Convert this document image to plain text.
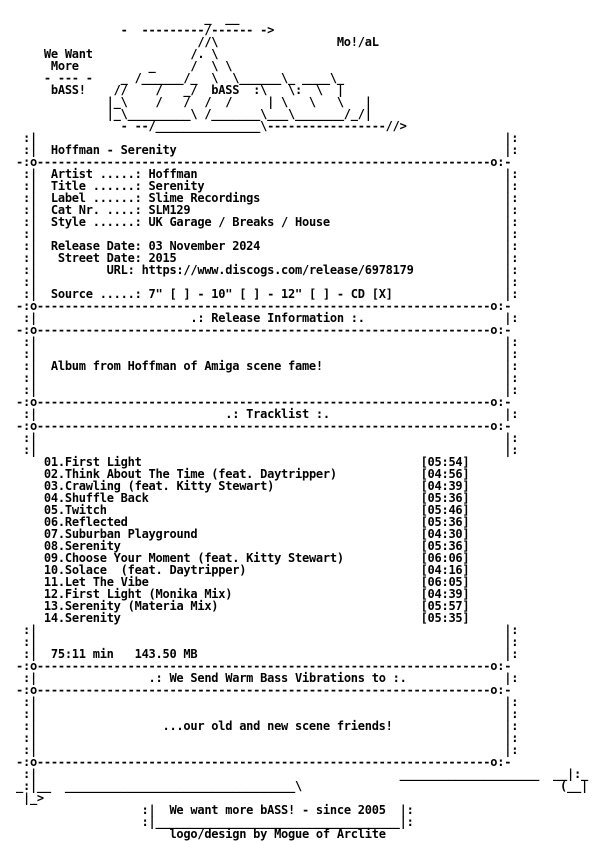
_  __
-  ---------/------ ->
//\                 Mo!/aL
We Want              /. \
More          _     /  \ \
- --- -    _ /______/_  \  \______\_ ____\_
bASS!    //    /   _/  bASS  :\   \:  \  |
|_\    /   /  /  /     | \   \   \   |
|_\_________\ /_______\___\_______/_/|
- --/_______________\-----------------//>
:|                                                                   |:
:|  Hoffman - Serenity                                               |:
-:o-----------------------------------------------------------------o:-
:|  Artist .....: Hoffman                                            |:
:|  Title ......: Serenity                                           |:
:|  Label ......: Slime Recordings                                   |:
:|  Cat Nr. ....: SLM129                                             |:
:|  Style ......: UK Garage / Breaks / House                         |:
:|                                                                   |:
:|  Release Date: 03 November 2024                                   |:
:|   Street Date: 2015                                               |:
:|          URL: https://www.discogs.com/release/6978179             |:
:|                                                                   |:
:|  Source .....: 7" [ ] - 10" [ ] - 12" [ ] - CD [X]                |:
-:o-----------------------------------------------------------------o:-
:|                      .: Release Information :.                    |:
-:o-----------------------------------------------------------------o:-
:|                                                                   |:
:|                                                                   |:
:|  Album from Hoffman of Amiga scene fame!                          |:
:|                                                                   |:
:|                                                                   |:
-:o-----------------------------------------------------------------o:-
:|                           .: Tracklist :.                         |:
-:o-----------------------------------------------------------------o:-
:|                                                                   |:
:|                                                                   |:
01.First Light	[05:54]
02.Think About The Time (feat. Daytripper)	[04:56]
03.Crawling (feat. Kitty Stewart)	[04:39]
04.Shuffle Back	[05:36]
05.Twitch	[05:46]
06.Reflected	[05:36]
07.Suburban Playground	[04:30]
08.Serenity	[05:36]
09.Choose Your Moment (feat. Kitty Stewart)	[06:06]
10.Solace  (feat. Daytripper)	[04:16]
11.Let The Vibe	[06:05]
12.First Light (Monika Mix)	[04:39]
13.Serenity (Materia Mix)	[05:57]
14.Serenity	[05:35]
:|                                                                   |:
:|                                                                   |:
:|  75:11 min 143.50 MB                                            |:
-:o-----------------------------------------------------------------o:-
:|                .: We Send Warm Bass Vibrations to :.              |:
-:o-----------------------------------------------------------------o:-
:|                                                                   |:
:|                                                                   |:
:|                  ...our old and new scene friends!                |:
:|                                                                   |:
:|                                                                   |:
-:o-----------------------------------------------------------------o:-
:|                                                    ____________________  __|:_
_:|__  _________________________________\                                     (__|
|_>
:|  We want more bASS! - since 2005  |:
:|___________________________________|:
logo/design by Mogue of Arclite
